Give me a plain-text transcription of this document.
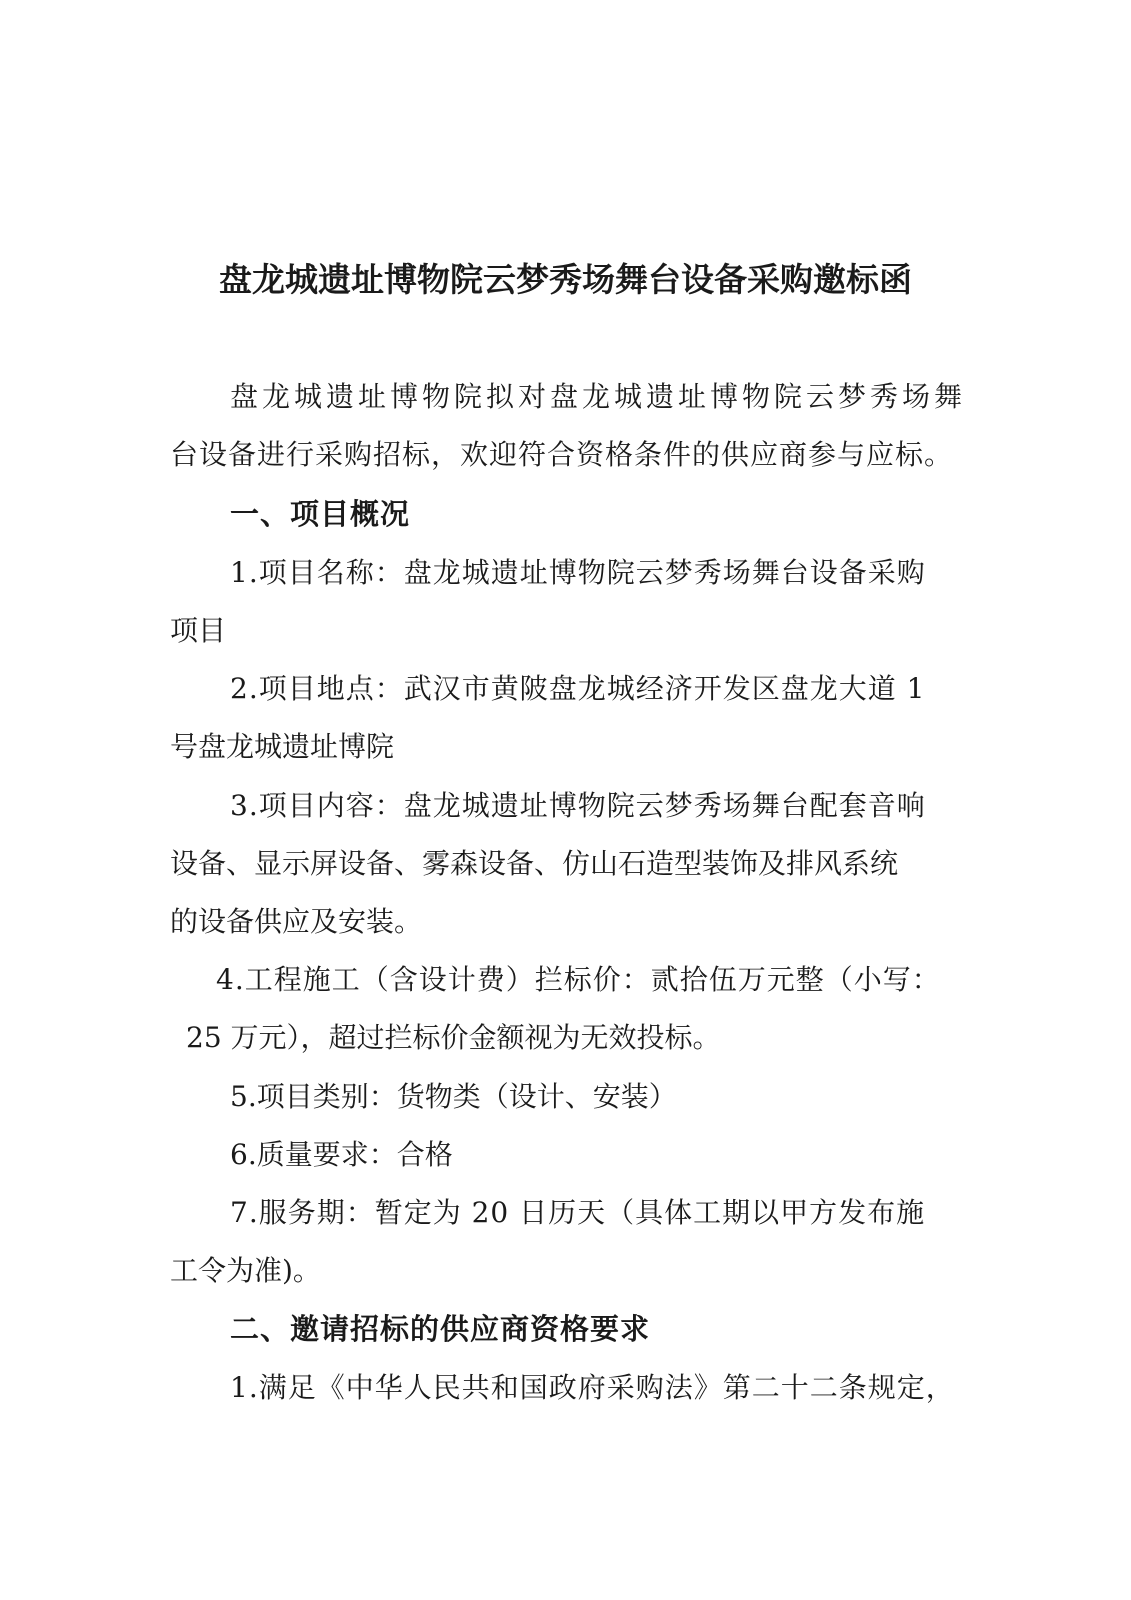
盘龙城遗址博物院云梦秀场舞台设备采购邀标函
盘龙城遗址博物院拟对盘龙城遗址博物院云梦秀场舞
台设备进行采购招标，欢迎符合资格条件的供应商参与应标。
一、项目概况
1.项目名称：盘龙城遗址博物院云梦秀场舞台设备采购
项目
2.项目地点：武汉市黄陂盘龙城经济开发区盘龙大道 1
号盘龙城遗址博院
3.项目内容：盘龙城遗址博物院云梦秀场舞台配套音响
设备、显示屏设备、雾森设备、仿山石造型装饰及排风系统
的设备供应及安装。
4.工程施工（含设计费）拦标价：贰拾伍万元整（小写：
25 万元），超过拦标价金额视为无效投标。
5.项目类别：货物类（设计、安装）
6.质量要求：合格
7.服务期：暂定为 20 日历天（具体工期以甲方发布施
工令为准)。
二、邀请招标的供应商资格要求
1.满足《中华人民共和国政府采购法》第二十二条规定，
